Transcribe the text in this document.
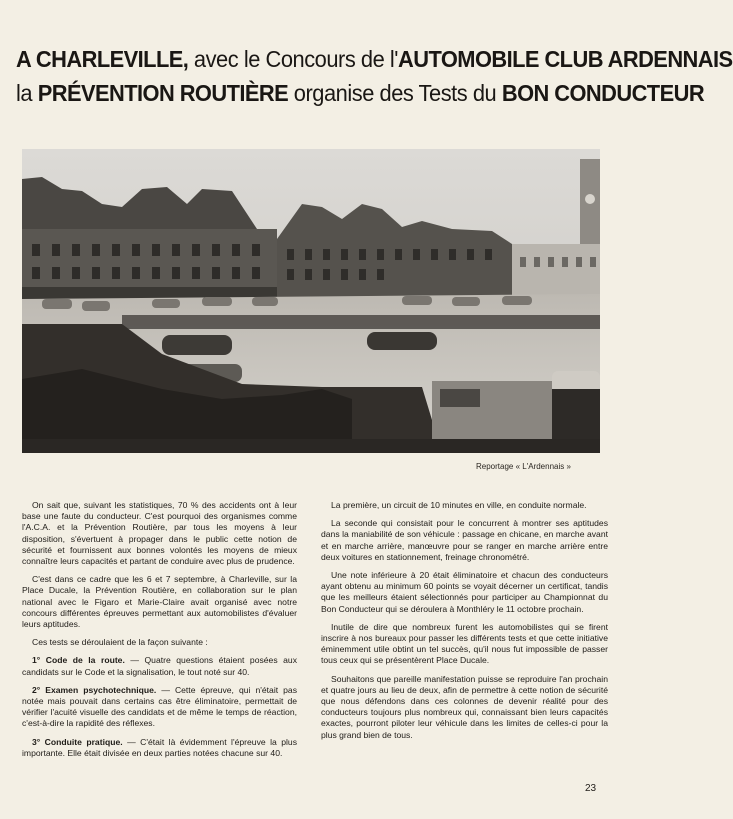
A CHARLEVILLE, avec le Concours de l'AUTOMOBILE CLUB ARDENNAIS
la PRÉVENTION ROUTIÈRE organise des Tests du BON CONDUCTEUR
Reportage « L'Ardennais »

On sait que, suivant les statistiques, 70 % des accidents ont à leur base une faute du conducteur. C'est pourquoi des organismes comme l'A.C.A. et la Prévention Routière, par tous les moyens à leur disposition, s'évertuent à propager dans le public cette notion de sécurité et fournissent aux bonnes volontés les moyens de mieux connaître leurs capacités et partant de conduire avec plus de prudence.

C'est dans ce cadre que les 6 et 7 septembre, à Charleville, sur la Place Ducale, la Prévention Routière, en collaboration sur le plan national avec le Figaro et Marie-Claire avait organisé avec notre concours différentes épreuves permettant aux automobilistes d'évaluer leurs aptitudes.

Ces tests se déroulaient de la façon suivante :

1° Code de la route. — Quatre questions étaient posées aux candidats sur le Code et la signalisation, le tout noté sur 40.

2° Examen psychotechnique. — Cette épreuve, qui n'était pas notée mais pouvait dans certains cas être éliminatoire, permettait de vérifier l'acuité visuelle des candidats et de même le temps de réaction, c'est-à-dire la rapidité des réflexes.

3° Conduite pratique. — C'était là évidemment l'épreuve la plus importante. Elle était divisée en deux parties notées chacune sur 40.

La première, un circuit de 10 minutes en ville, en conduite normale.

La seconde qui consistait pour le concurrent à montrer ses aptitudes dans la maniabilité de son véhicule : passage en chicane, en marche avant et en marche arrière, manœuvre pour se ranger en marche arrière entre deux voitures en stationnement, freinage chronométré.

Une note inférieure à 20 était éliminatoire et chacun des conducteurs ayant obtenu au minimum 60 points se voyait décerner un certificat, tandis que les meilleurs étaient sélectionnés pour participer au Championnat du Bon Conducteur qui se déroulera à Monthléry le 11 octobre prochain.

Inutile de dire que nombreux furent les automobilistes qui se firent inscrire à nos bureaux pour passer les différents tests et que cette initiative éminemment utile obtint un tel succès, qu'il nous fut impossible de passer tous ceux qui se présentèrent Place Ducale.

Souhaitons que pareille manifestation puisse se reproduire l'an prochain et quatre jours au lieu de deux, afin de permettre à cette notion de sécurité que nous défendons dans ces colonnes de devenir réalité pour des conducteurs toujours plus nombreux qui, connaissant bien leurs capacités exactes, pourront piloter leur véhicule dans les limites de celles-ci pour la plus grand bien de tous.

23
